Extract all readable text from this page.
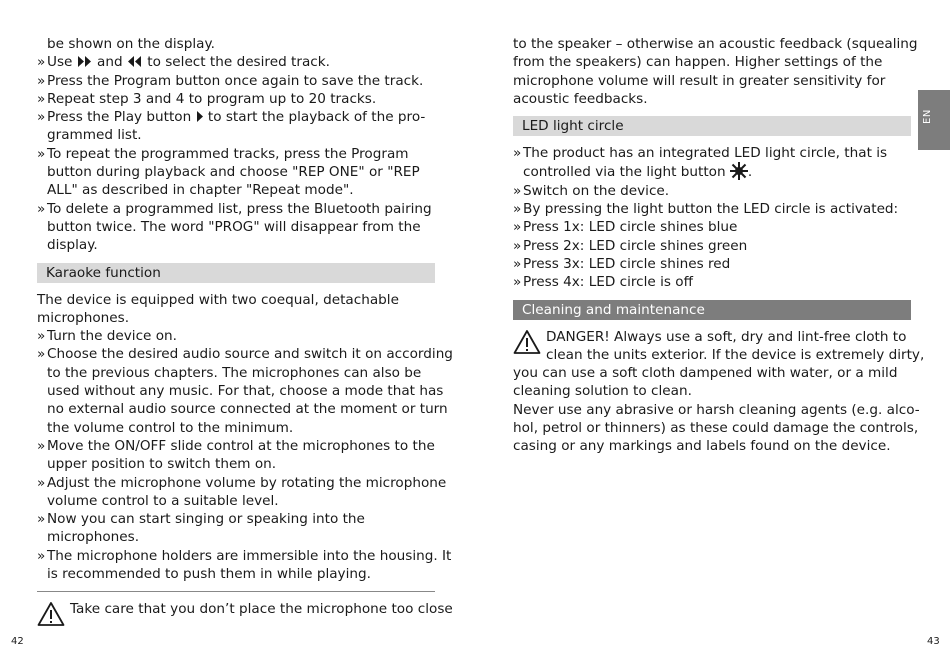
be shown on the display.
» Use  and  to select the desired track.
» Press the Program button once again to save the track.
» Repeat step 3 and 4 to program up to 20 tracks.
» Press the Play button  to start the playback of the pro-
grammed list.
» To repeat the programmed tracks, press the Program
button during playback and choose "REP ONE" or "REP
ALL" as described in chapter "Repeat mode".
» To delete a programmed list, press the Bluetooth pairing
button twice. The word "PROG" will disappear from the
display.
Karaoke function
The device is equipped with two coequal, detachable
microphones.
» Turn the device on.
» Choose the desired audio source and switch it on according
to the previous chapters. The microphones can also be
used without any music. For that, choose a mode that has
no external audio source connected at the moment or turn
the volume control to the minimum.
» Move the ON/OFF slide control at the microphones to the
upper position to switch them on.
» Adjust the microphone volume by rotating the microphone
volume control to a suitable level.
» Now you can start singing or speaking into the
microphones.
» The microphone holders are immersible into the housing. It
is recommended to push them in while playing.
Take care that you don’t place the microphone too close
42
to the speaker – otherwise an acoustic feedback (squealing
from the speakers) can happen. Higher settings of the
microphone volume will result in greater sensitivity for
acoustic feedbacks.
LED light circle
» The product has an integrated LED light circle, that is
controlled via the light button .
» Switch on the device.
» By pressing the light button the LED circle is activated:
» Press 1x: LED circle shines blue
» Press 2x: LED circle shines green
» Press 3x: LED circle shines red
» Press 4x: LED circle is off
Cleaning and maintenance
DANGER! Always use a soft, dry and lint-free cloth to
clean the units exterior. If the device is extremely dirty,
you can use a soft cloth dampened with water, or a mild
cleaning solution to clean.
Never use any abrasive or harsh cleaning agents (e.g. alco-
hol, petrol or thinners) as these could damage the controls,
casing or any markings and labels found on the device.
43
EN
